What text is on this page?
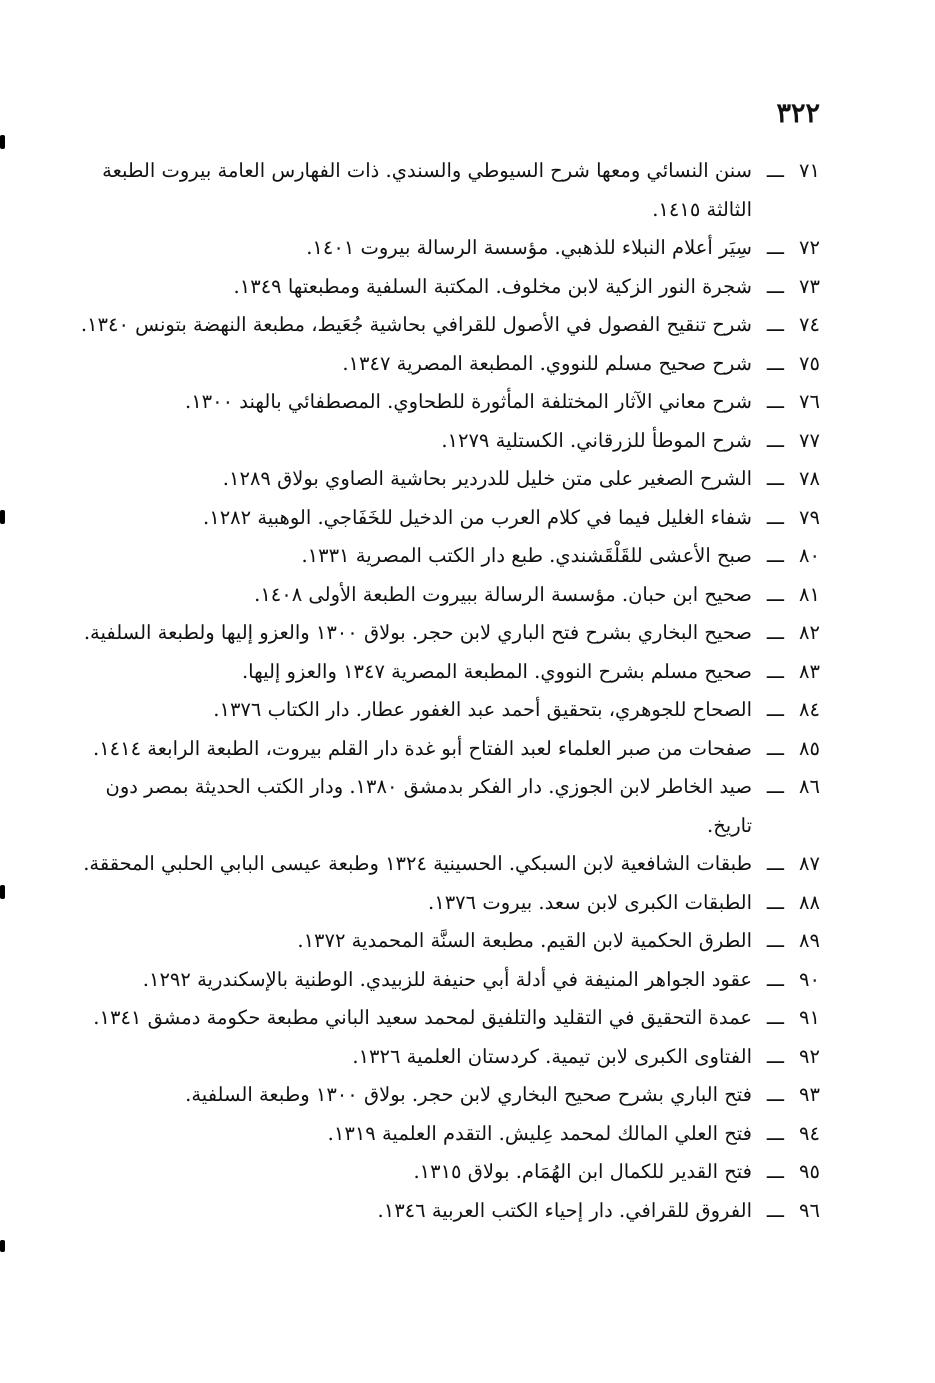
٣٢٢
٧١
ـــ
سنن النسائي ومعها شرح السيوطي والسندي. ذات الفهارس العامة بيروت الطبعة الثالثة ١٤١٥.
٧٢
ـــ
سِيَر أعلام النبلاء للذهبي. مؤسسة الرسالة بيروت ١٤٠١.
٧٣
ـــ
شجرة النور الزكية لابن مخلوف. المكتبة السلفية ومطبعتها ١٣٤٩.
٧٤
ـــ
شرح تنقيح الفصول في الأصول للقرافي بحاشية جُعَيط، مطبعة النهضة بتونس ١٣٤٠.
٧٥
ـــ
شرح صحيح مسلم للنووي. المطبعة المصرية ١٣٤٧.
٧٦
ـــ
شرح معاني الآثار المختلفة المأثورة للطحاوي. المصطفائي بالهند ١٣٠٠.
٧٧
ـــ
شرح الموطأ للزرقاني. الكستلية ١٢٧٩.
٧٨
ـــ
الشرح الصغير على متن خليل للدردير بحاشية الصاوي بولاق ١٢٨٩.
٧٩
ـــ
شفاء الغليل فيما في كلام العرب من الدخيل للخَفَاجي. الوهبية ١٢٨٢.
٨٠
ـــ
صبح الأعشى للقَلْقَشندي. طبع دار الكتب المصرية ١٣٣١.
٨١
ـــ
صحيح ابن حبان. مؤسسة الرسالة ببيروت الطبعة الأولى ١٤٠٨.
٨٢
ـــ
صحيح البخاري بشرح فتح الباري لابن حجر. بولاق ١٣٠٠ والعزو إليها ولطبعة السلفية.
٨٣
ـــ
صحيح مسلم بشرح النووي. المطبعة المصرية ١٣٤٧ والعزو إليها.
٨٤
ـــ
الصحاح للجوهري، بتحقيق أحمد عبد الغفور عطار. دار الكتاب ١٣٧٦.
٨٥
ـــ
صفحات من صبر العلماء لعبد الفتاح أبو غدة دار القلم بيروت، الطبعة الرابعة ١٤١٤.
٨٦
ـــ
صيد الخاطر لابن الجوزي. دار الفكر بدمشق ١٣٨٠. ودار الكتب الحديثة بمصر دون تاريخ.
٨٧
ـــ
طبقات الشافعية لابن السبكي. الحسينية ١٣٢٤ وطبعة عيسى البابي الحلبي المحققة.
٨٨
ـــ
الطبقات الكبرى لابن سعد. بيروت ١٣٧٦.
٨٩
ـــ
الطرق الحكمية لابن القيم. مطبعة السنَّة المحمدية ١٣٧٢.
٩٠
ـــ
عقود الجواهر المنيفة في أدلة أبي حنيفة للزبيدي. الوطنية بالإسكندرية ١٢٩٢.
٩١
ـــ
عمدة التحقيق في التقليد والتلفيق لمحمد سعيد الباني مطبعة حكومة دمشق ١٣٤١.
٩٢
ـــ
الفتاوى الكبرى لابن تيمية. كردستان العلمية ١٣٢٦.
٩٣
ـــ
فتح الباري بشرح صحيح البخاري لابن حجر. بولاق ١٣٠٠ وطبعة السلفية.
٩٤
ـــ
فتح العلي المالك لمحمد عِليش. التقدم العلمية ١٣١٩.
٩٥
ـــ
فتح القدير للكمال ابن الهُمَام. بولاق ١٣١٥.
٩٦
ـــ
الفروق للقرافي. دار إحياء الكتب العربية ١٣٤٦.
